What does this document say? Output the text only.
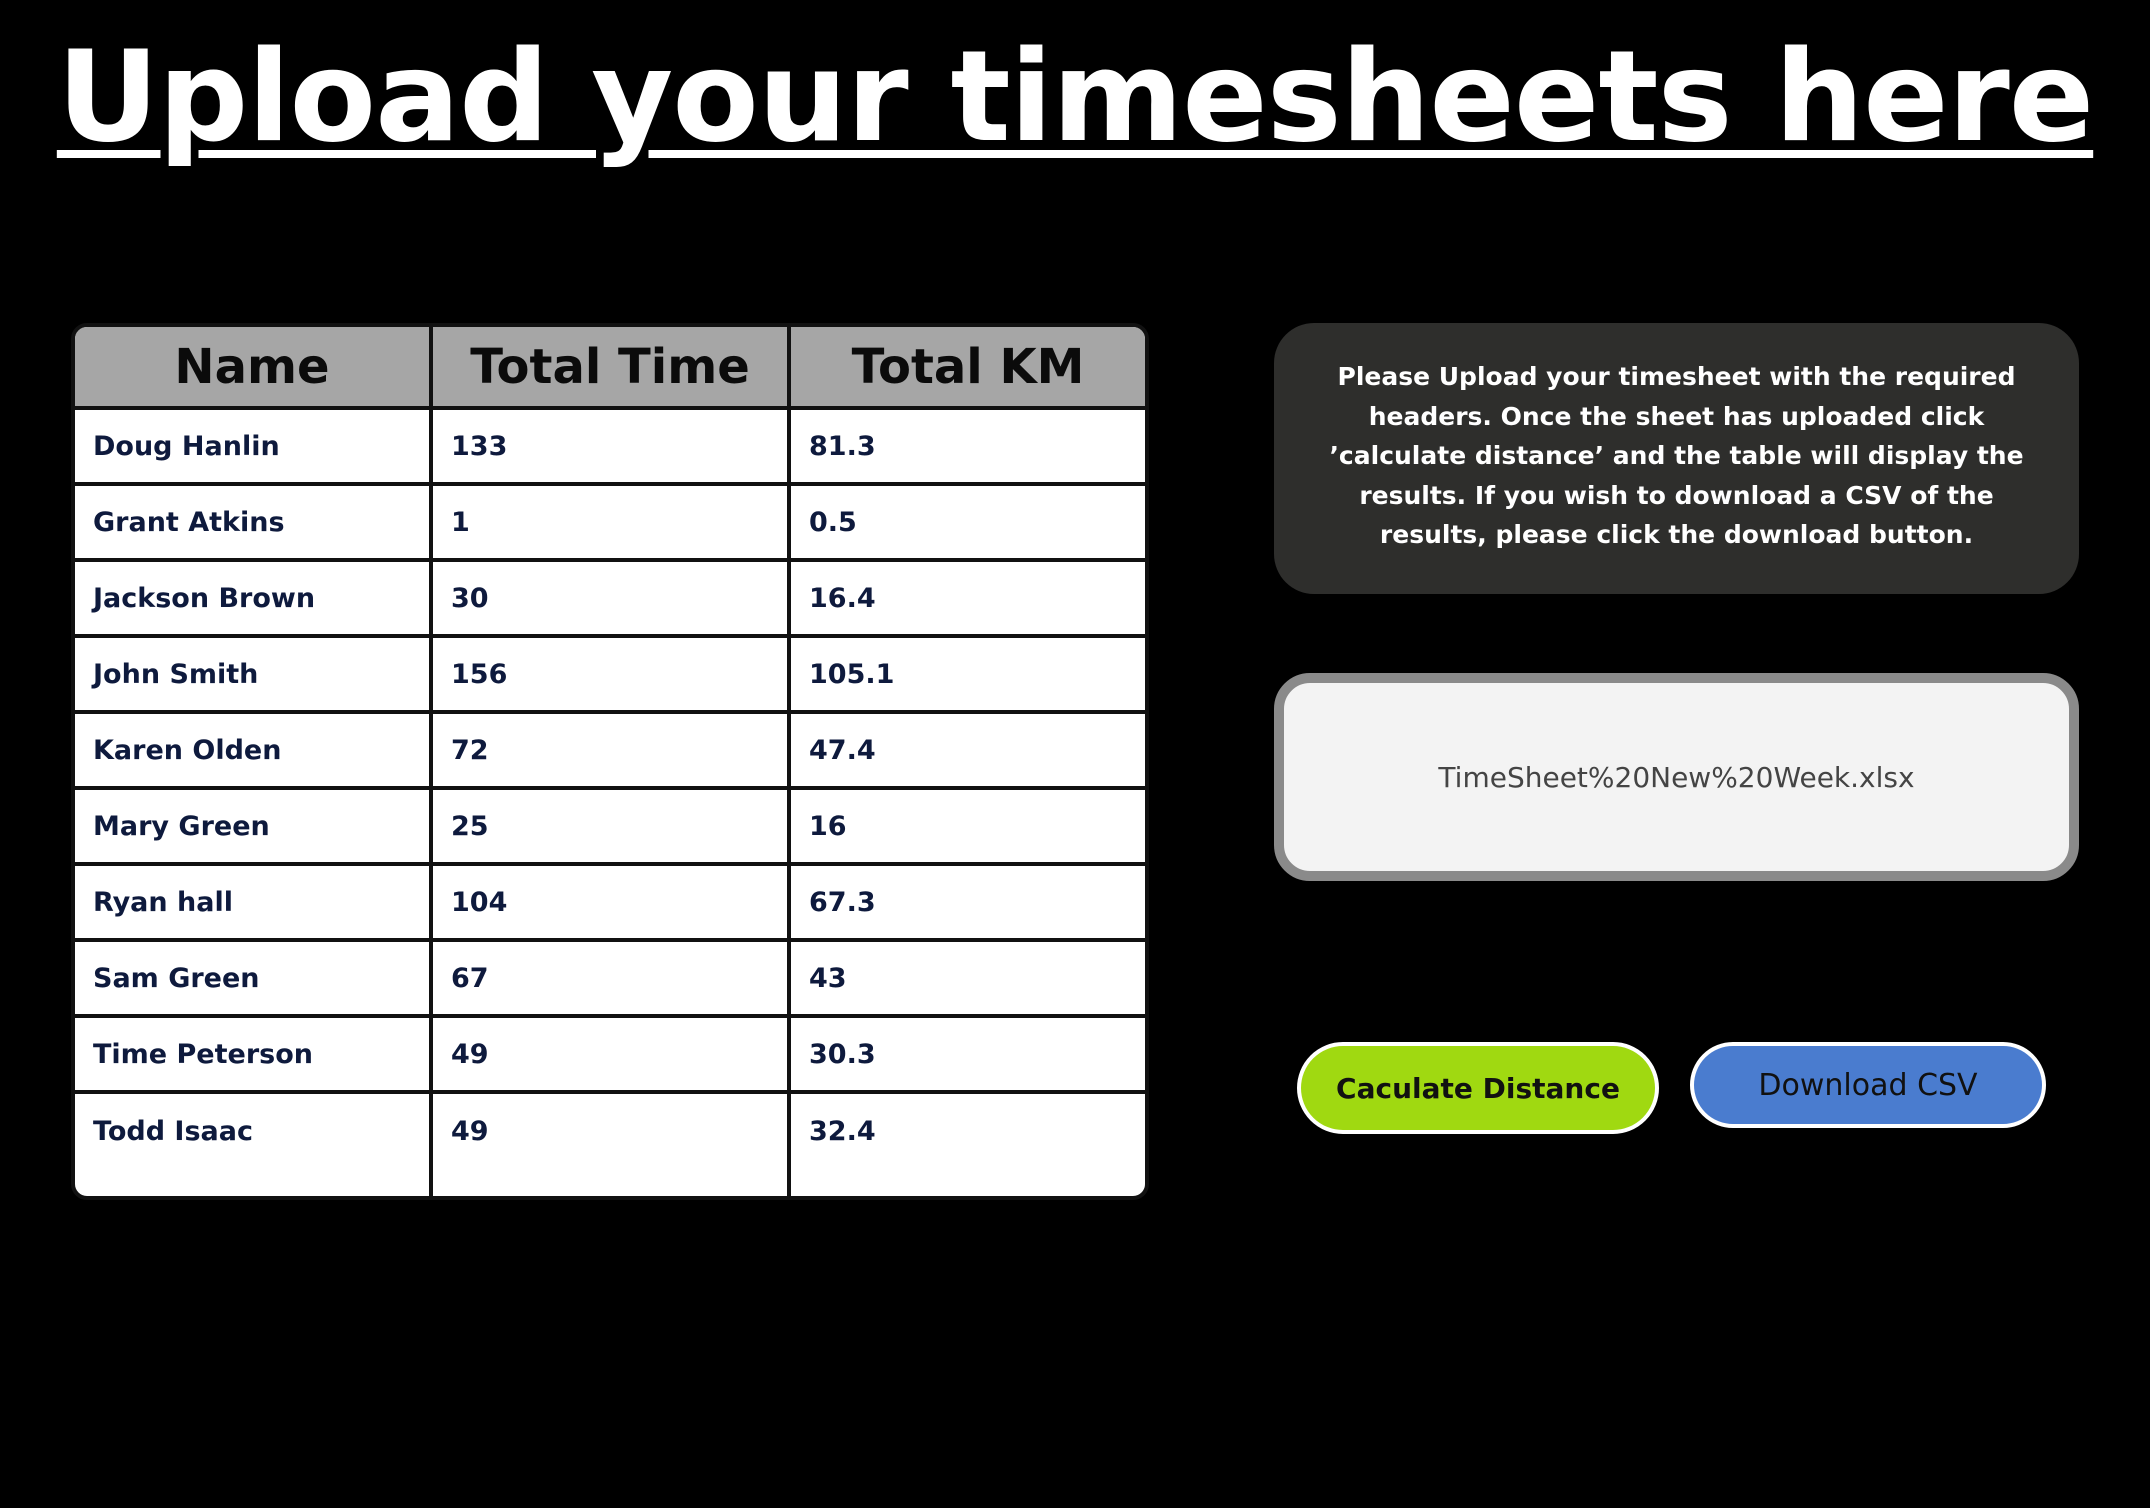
Upload your timesheets here
Name	Total Time	Total KM
Doug Hanlin	133	81.3
Grant Atkins	1	0.5
Jackson Brown	30	16.4
John Smith	156	105.1
Karen Olden	72	47.4
Mary Green	25	16
Ryan hall	104	67.3
Sam Green	67	43
Time Peterson	49	30.3
Todd Isaac	49	32.4
Please Upload your timesheet with the required headers. Once the sheet has uploaded click ’calculate distance’ and the table will display the results. If you wish to download a CSV of the results, please click the download button.
TimeSheet%20New%20Week.xlsx
Caculate Distance	Download CSV
